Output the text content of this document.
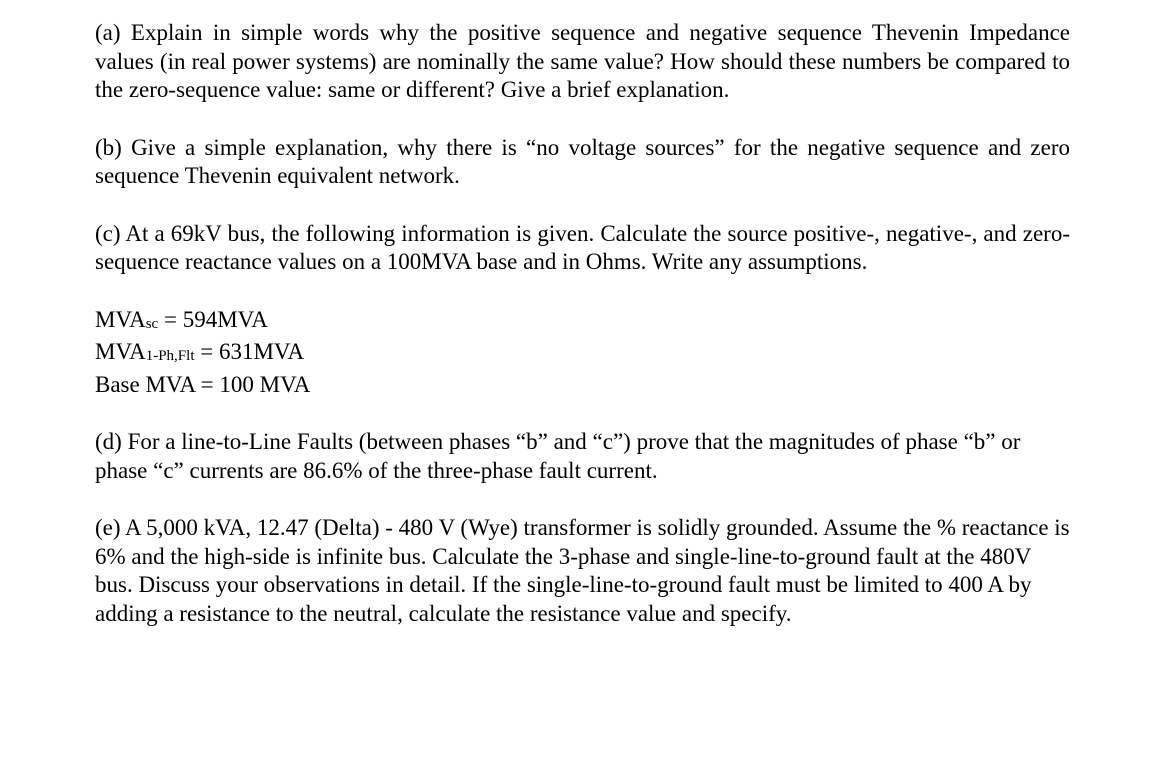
(a) Explain in simple words why the positive sequence and negative sequence Thevenin Impedance values (in real power systems) are nominally the same value? How should these numbers be compared to the zero-sequence value: same or different? Give a brief explanation.

(b) Give a simple explanation, why there is “no voltage sources” for the negative sequence and zero sequence Thevenin equivalent network.

(c) At a 69kV bus, the following information is given. Calculate the source positive-, negative-, and zero-sequence reactance values on a 100MVA base and in Ohms. Write any assumptions.

MVAsc = 594MVA

MVA1-Ph,Flt = 631MVA

Base MVA = 100 MVA

(d) For a line-to-Line Faults (between phases “b” and “c”) prove that the magnitudes of phase “b” or phase “c” currents are 86.6% of the three-phase fault current.

(e) A 5,000 kVA, 12.47 (Delta) - 480 V (Wye) transformer is solidly grounded. Assume the % reactance is 6% and the high-side is infinite bus. Calculate the 3-phase and single-line-to-ground fault at the 480V bus. Discuss your observations in detail. If the single-line-to-ground fault must be limited to 400 A by adding a resistance to the neutral, calculate the resistance value and specify.
